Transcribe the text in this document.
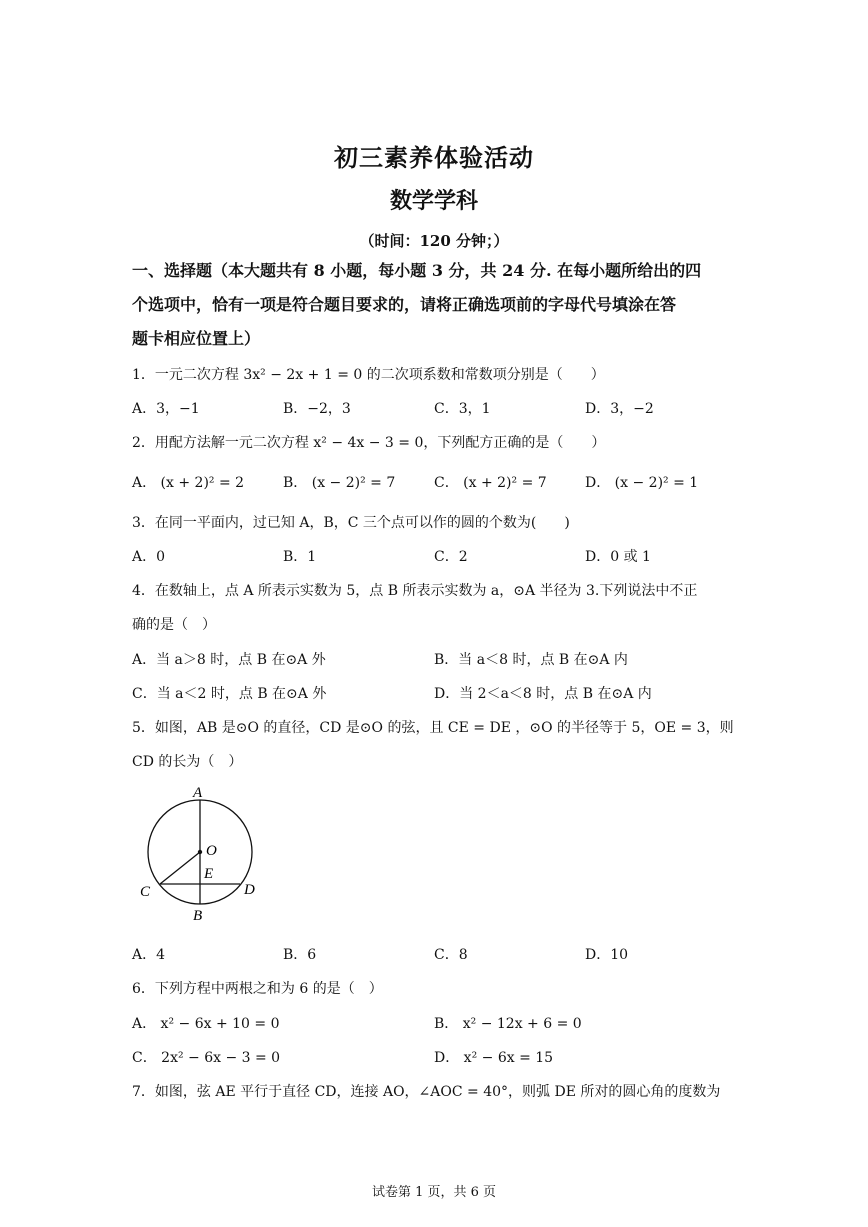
初三素养体验活动
数学学科
（时间：120 分钟；）
一、选择题（本大题共有 8 小题，每小题 3 分，共 24 分. 在每小题所给出的四
个选项中，恰有一项是符合题目要求的，请将正确选项前的字母代号填涂在答
题卡相应位置上）
1．一元二次方程 3x² − 2x + 1 = 0 的二次项系数和常数项分别是（　　）
A．3，−1	B．−2，3	C．3，1	D．3，−2
2．用配方法解一元二次方程 x² − 4x − 3 = 0，下列配方正确的是（　　）
A． (x + 2)² = 2	B． (x − 2)² = 7	C． (x + 2)² = 7	D． (x − 2)² = 1
3．在同一平面内，过已知 A，B，C 三个点可以作的圆的个数为(　　)
A．0	B．1	C．2	D．0 或 1
4．在数轴上，点 A 所表示实数为 5，点 B 所表示实数为 a，⊙A 半径为 3.下列说法中不正
确的是（　）
A．当 a＞8 时，点 B 在⊙A 外	B．当 a＜8 时，点 B 在⊙A 内
C．当 a＜2 时，点 B 在⊙A 外	D．当 2＜a＜8 时，点 B 在⊙A 内
5．如图，AB 是⊙O 的直径，CD 是⊙O 的弦，且 CE = DE ，⊙O 的半径等于 5，OE = 3，则
CD 的长为（　）
A
O
E
C	D
B
A．4	B．6	C．8	D．10
6．下列方程中两根之和为 6 的是（　）
A． x² − 6x + 10 = 0	B． x² − 12x + 6 = 0
C． 2x² − 6x − 3 = 0	D． x² − 6x = 15
7．如图，弦 AE 平行于直径 CD，连接 AO，∠AOC = 40°，则弧 DE 所对的圆心角的度数为
试卷第 1 页，共 6 页
